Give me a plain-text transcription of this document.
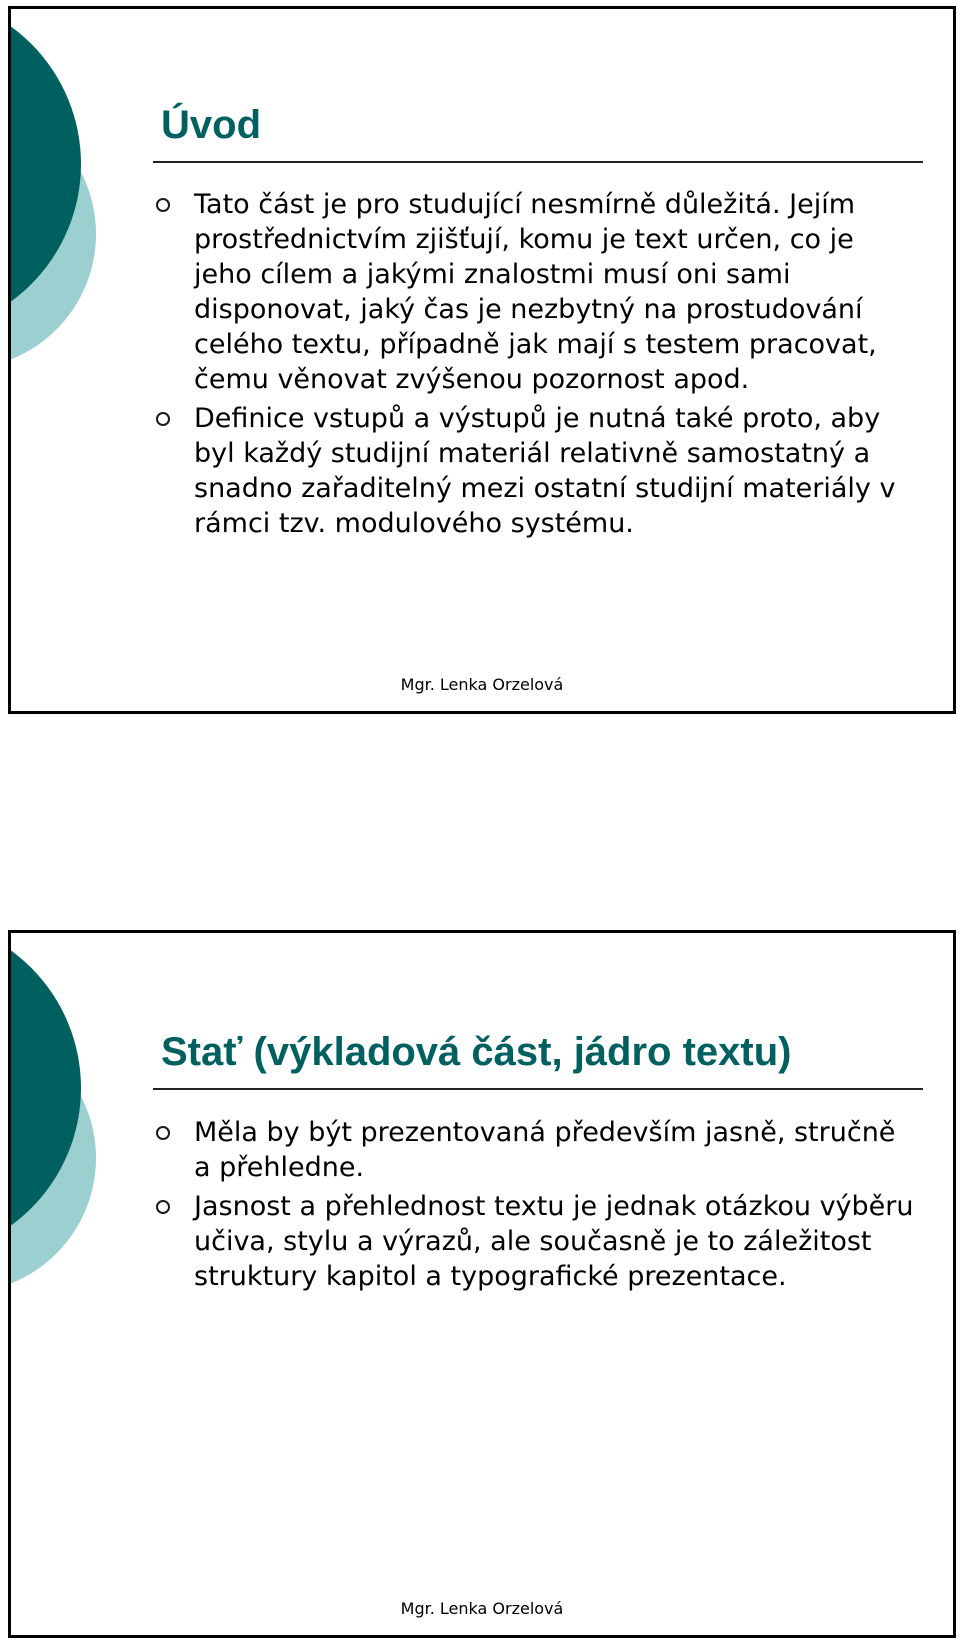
Úvod
Tato část je pro studující nesmírně důležitá. Jejím prostřednictvím zjišťují, komu je text určen, co je jeho cílem a jakými znalostmi musí oni sami disponovat, jaký čas je nezbytný na prostudování celého textu, případně jak mají s testem pracovat, čemu věnovat zvýšenou pozornost apod.
Definice vstupů a výstupů je nutná také proto, aby byl každý studijní materiál relativně samostatný a snadno zařaditelný mezi ostatní studijní materiály v rámci tzv. modulového systému.
Mgr. Lenka Orzelová
Stať (výkladová část, jádro textu)
Měla by být prezentovaná především jasně, stručně a přehledne.
Jasnost a přehlednost textu je jednak otázkou výběru učiva, stylu a výrazů, ale současně je to záležitost struktury kapitol a typografické prezentace.
Mgr. Lenka Orzelová
